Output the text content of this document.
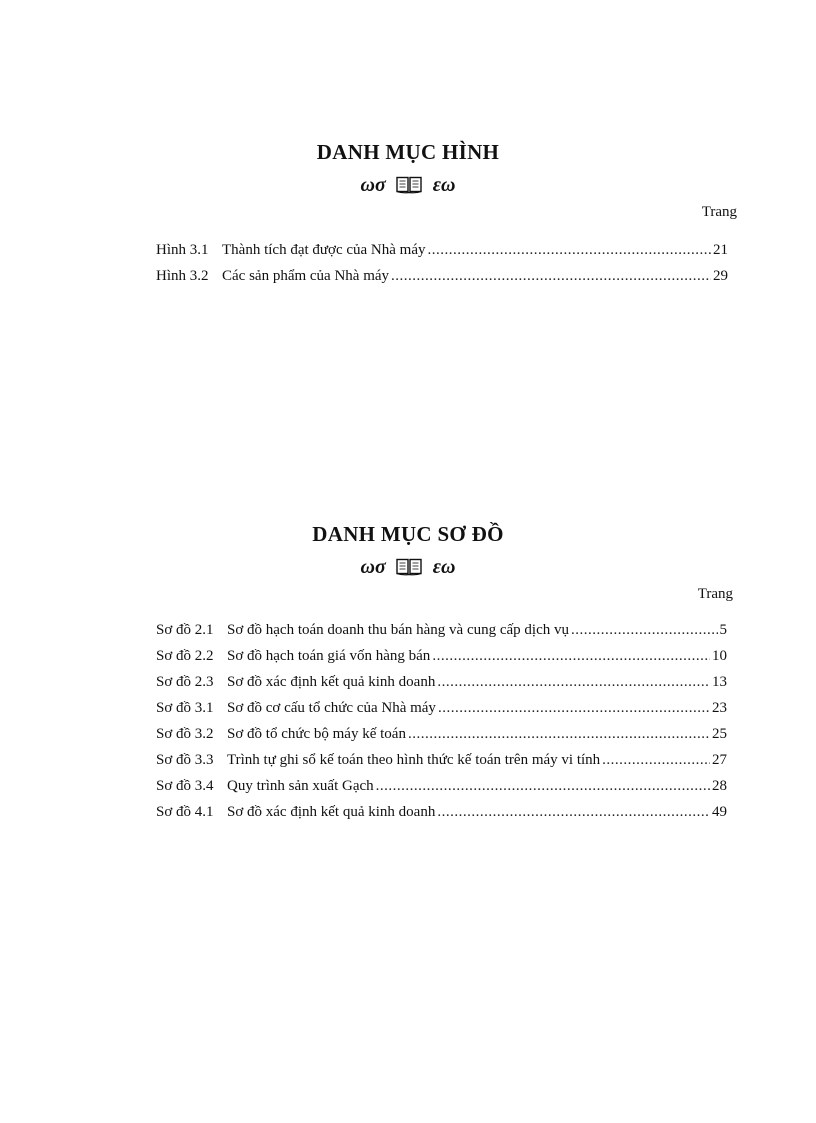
DANH MỤC HÌNH
ωσ εω
Trang
Hình 3.1 Thành tích đạt được của Nhà máy .....	21
Hình 3.2 Các sản phẩm của Nhà máy .....	29
DANH MỤC SƠ ĐỒ
ωσ εω
Trang
Sơ đồ 2.1 Sơ đồ hạch toán doanh thu bán hàng và cung cấp dịch vụ .....	5
Sơ đồ 2.2 Sơ đồ hạch toán giá vốn hàng bán .....	10
Sơ đồ 2.3 Sơ đồ xác định kết quả kinh doanh .....	13
Sơ đồ 3.1 Sơ đồ cơ cấu tổ chức của Nhà máy .....	23
Sơ đồ 3.2 Sơ đồ tổ chức bộ máy kế toán .....	25
Sơ đồ 3.3 Trình tự ghi sổ kế toán theo hình thức kế toán trên máy vi tính .....	27
Sơ đồ 3.4 Quy trình sản xuất Gạch .....	28
Sơ đồ 4.1 Sơ đồ xác định kết quả kinh doanh .....	49
